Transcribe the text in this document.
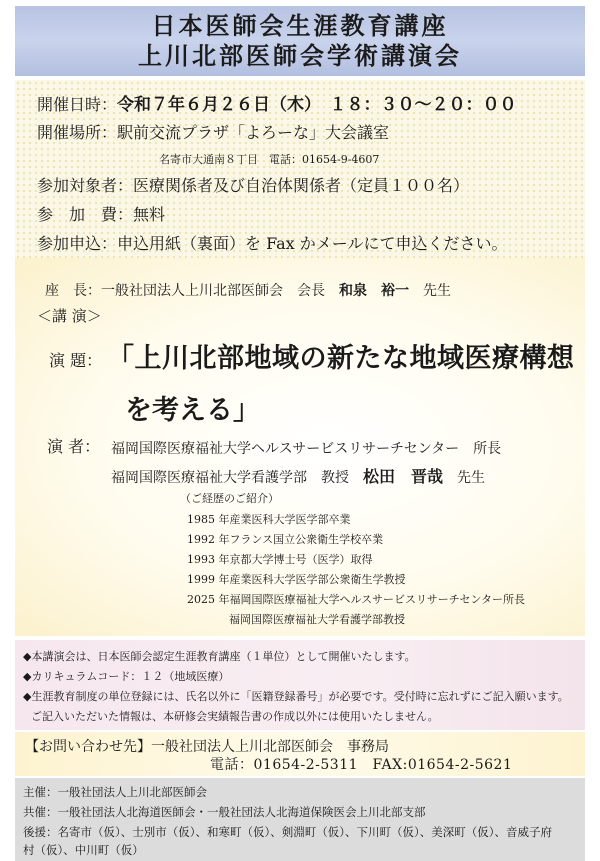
日本医師会生涯教育講座
上川北部医師会学術講演会
開催日時：令和７年６月２６日（木）　１８：３０〜２０：００
開催場所：駅前交流プラザ「よろーな」大会議室
名寄市大通南８丁目　電話：01654-9-4607
参加対象者：医療関係者及び自治体関係者（定員１００名）
参　加　費：無料
参加申込：申込用紙（裏面）を Fax かメールにて申込ください。
座　長：一般社団法人上川北部医師会　会長　 和泉　裕一　 先生
＜講 演＞
演 題： 「上川北部地域の新たな地域医療構想
を考える」
演 者： 福岡国際医療福祉大学ヘルスサービスリサーチセンター　所長
福岡国際医療福祉大学看護学部　教授　 松田　晋哉　 先生
（ご経歴のご紹介）
1985 年産業医科大学医学部卒業
1992 年フランス国立公衆衛生学校卒業
1993 年京都大学博士号（医学）取得
1999 年産業医科大学医学部公衆衛生学教授
2025 年福岡国際医療福祉大学ヘルスサービスリサーチセンター所長
福岡国際医療福祉大学看護学部教授
◆本講演会は、日本医師会認定生涯教育講座（１単位）として開催いたします。
◆カリキュラムコード：１２（地域医療）
◆生涯教育制度の単位登録には、氏名以外に「医籍登録番号」が必要です。受付時に忘れずにご記入願います。
ご記入いただいた情報は、本研修会実績報告書の作成以外には使用いたしません。
【お問い合わせ先】一般社団法人上川北部医師会　事務局
電話：01654-2-5311　FAX:01654-2-5621
主催：一般社団法人上川北部医師会
共催：一般社団法人北海道医師会・一般社団法人北海道保険医会上川北部支部
後援：名寄市（仮）、士別市（仮）、和寒町（仮）、剣淵町（仮）、下川町（仮）、美深町（仮）、音威子府
村（仮）、中川町（仮）
